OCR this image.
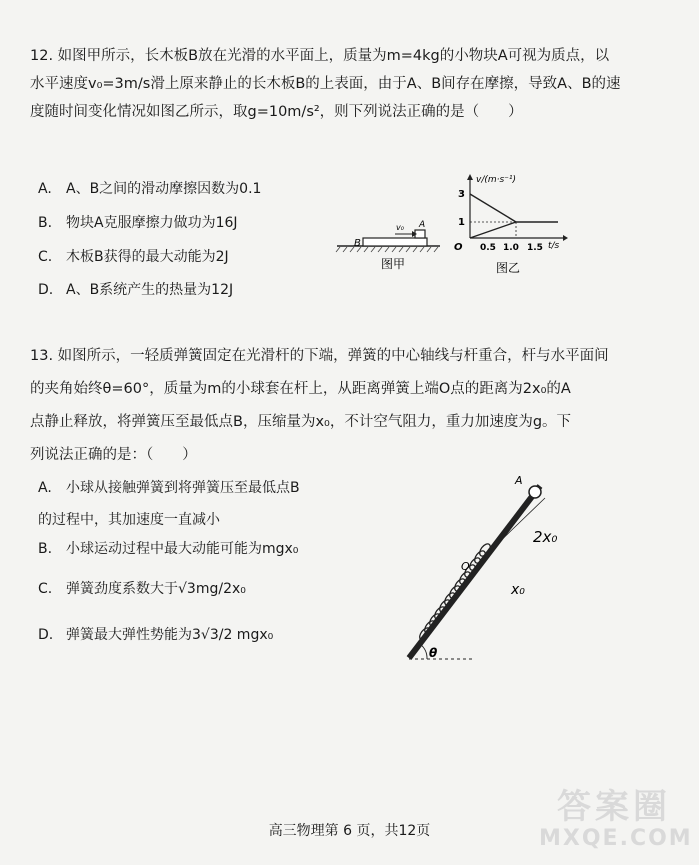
12. 如图甲所示，长木板B放在光滑的水平面上，质量为m=4kg的小物块A可视为质点，以

水平速度v₀=3m/s滑上原来静止的长木板B的上表面，由于A、B间存在摩擦，导致A、B的速

度随时间变化情况如图乙所示，取g=10m/s²，则下列说法正确的是（　　）

A. A、B之间的滑动摩擦因数为0.1
B. 物块A克服摩擦力做功为16J
C. 木板B获得的最大动能为2J
D. A、B系统产生的热量为12J
B
A
v₀
图甲
v/(m·s⁻¹)
t/s
O
3
1
0.5 1.0 1.5
图乙

13. 如图所示，一轻质弹簧固定在光滑杆的下端，弹簧的中心轴线与杆重合，杆与水平面间

的夹角始终θ=60°，质量为m的小球套在杆上，从距离弹簧上端O点的距离为2x₀的A

点静止释放，将弹簧压至最低点B，压缩量为x₀，不计空气阻力，重力加速度为g。下

列说法正确的是：（　　）

A. 小球从接触弹簧到将弹簧压至最低点B
的过程中，其加速度一直减小
B. 小球运动过程中最大动能可能为mgx₀
C. 弹簧劲度系数大于√3mg/2x₀
D. 弹簧最大弹性势能为3√3/2 mgx₀
θ
A
O
2x₀
x₀
高三物理第 6 页，共12页
答案圈
MXQE.COM
